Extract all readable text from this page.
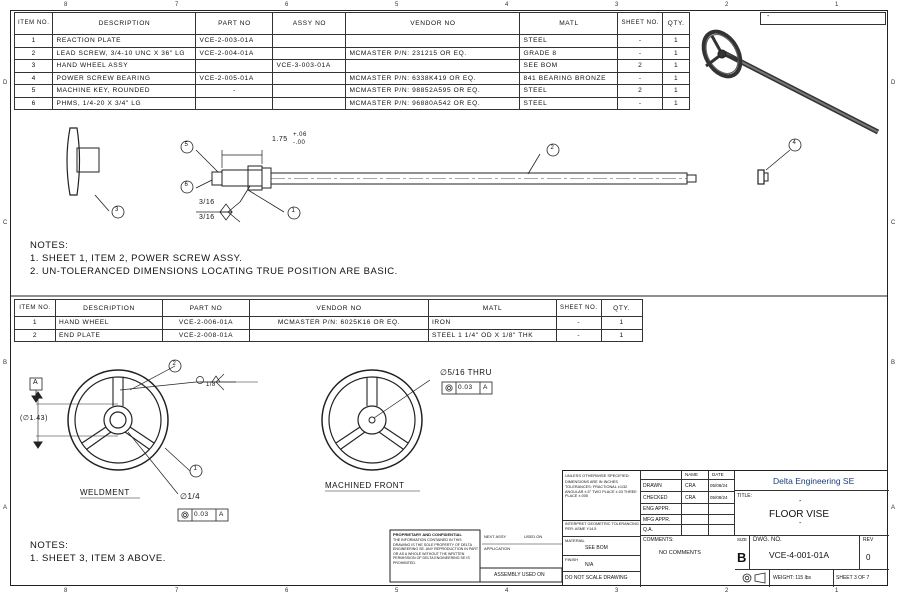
8	7	6	5	4	3	2	1
8	7	6	5	4	3	2	1
D
C
B
A
D
C
B
A
ITEM NO.	DESCRIPTION	PART NO	ASSY NO	VENDOR NO	MATL	SHEET NO.	QTY.
1	REACTION PLATE	VCE-2-003-01A			STEEL	-	1
2	LEAD SCREW, 3/4-10 UNC X 36" LG	VCE-2-004-01A		MCMASTER P/N: 231215 OR EQ.	GRADE 8	-	1
3	HAND WHEEL ASSY		VCE-3-003-01A		SEE BOM	2	1
4	POWER SCREW BEARING	VCE-2-005-01A		MCMASTER P/N: 6338K419 OR EQ.	841 BEARING BRONZE	-	1
5	MACHINE KEY, ROUNDED	-		MCMASTER P/N: 98852A595 OR EQ.	STEEL	2	1
6	PHMS, 1/4-20 X 3/4" LG			MCMASTER P/N: 96880A542 OR EQ.	STEEL	-	1
-
ITEM NO.	DESCRIPTION	PART NO	VENDOR NO	MATL	SHEET NO.	QTY.
1	HAND WHEEL	VCE-2-006-01A	MCMASTER P/N: 6025K16 OR EQ.	IRON	-	1
2	END PLATE	VCE-2-008-01A		STEEL 1 1/4" OD X 1/8" THK	-	1
1.75
+.06
-.00
3/16
3/16
3
5
6
1
2
4
2
1
NOTES:
1. SHEET 1, ITEM 2, POWER SCREW ASSY.
2. UN-TOLERANCED DIMENSIONS LOCATING TRUE POSITION ARE BASIC.
A
(∅1.43)
1/8
∅1/4
0.03 A
WELDMENT
MACHINED FRONT
∅5/16 THRU
0.03 A
NOTES:
1. SHEET 3, ITEM 3 ABOVE.
PROPRIETARY AND CONFIDENTIAL
THE INFORMATION CONTAINED IN THIS DRAWING IS THE SOLE PROPERTY OF DELTA ENGINEERING SE. ANY REPRODUCTION IN PART OR AS A WHOLE WITHOUT THE WRITTEN PERMISSION OF DELTA ENGINEERING SE IS PROHIBITED.
NEXT ASSY	USED ON
APPLICATION
ASSEMBLY USED ON
UNLESS OTHERWISE SPECIFIED:
DIMENSIONS ARE IN INCHES TOLERANCES: FRACTIONAL ±1/32 ANGULAR ±.5° TWO PLACE ±.03 THREE PLACE ±.005
INTERPRET GEOMETRIC TOLERANCING PER: ASME Y14.5
MATERIAL
SEE BOM
FINISH
N/A
DO NOT SCALE DRAWING
NAME	DATE
DRAWN	CRA	05/08/24
CHECKED	CRA	05/08/24
ENG APPR.
MFG APPR.
Q.A.
COMMENTS:
NO COMMENTS
Delta Engineering SE
TITLE:
-
FLOOR VISE
-
SIZE
B
DWG. NO.
VCE-4-001-01A
REV
0
WEIGHT: 115 lbs	SHEET 3 OF 7
